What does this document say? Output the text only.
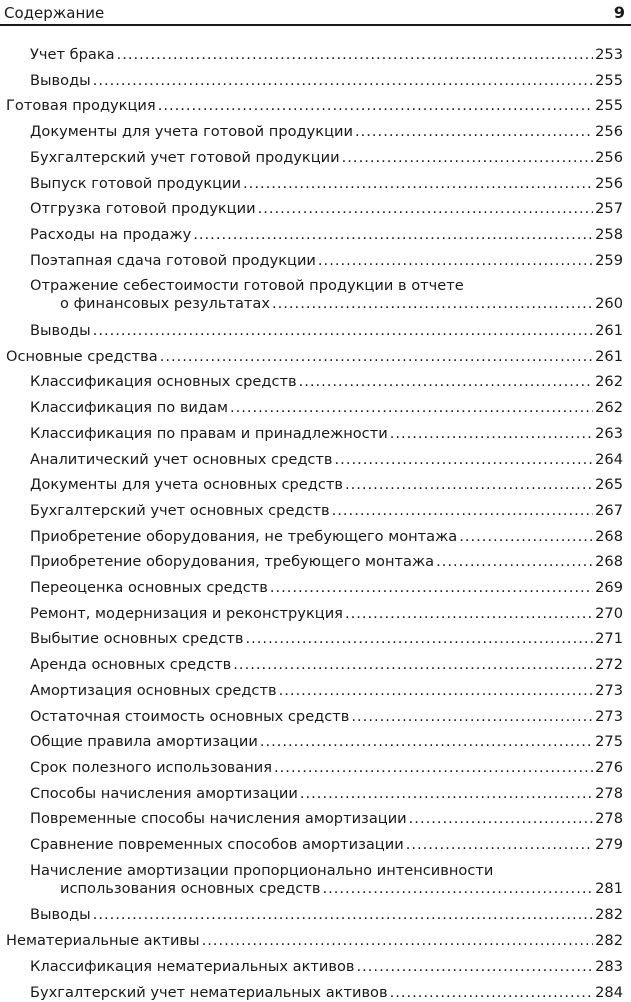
Содержание	9
Учет брака .....	253
Выводы .....	255
Готовая продукция .....	255
Документы для учета готовой продукции .....	256
Бухгалтерский учет готовой продукции .....	256
Выпуск готовой продукции .....	256
Отгрузка готовой продукции .....	257
Расходы на продажу .....	258
Поэтапная сдача готовой продукции .....	259
Отражение себестоимости готовой продукции в отчете
о финансовых результатах .....	260
Выводы .....	261
Основные средства .....	261
Классификация основных средств .....	262
Классификация по видам .....	262
Классификация по правам и принадлежности .....	263
Аналитический учет основных средств .....	264
Документы для учета основных средств .....	265
Бухгалтерский учет основных средств .....	267
Приобретение оборудования, не требующего монтажа .....	268
Приобретение оборудования, требующего монтажа .....	268
Переоценка основных средств .....	269
Ремонт, модернизация и реконструкция .....	270
Выбытие основных средств .....	271
Аренда основных средств .....	272
Амортизация основных средств .....	273
Остаточная стоимость основных средств .....	273
Общие правила амортизации .....	275
Срок полезного использования .....	276
Способы начисления амортизации .....	278
Повременные способы начисления амортизации .....	278
Сравнение повременных способов амортизации .....	279
Начисление амортизации пропорционально интенсивности
использования основных средств .....	281
Выводы .....	282
Нематериальные активы .....	282
Классификация нематериальных активов .....	283
Бухгалтерский учет нематериальных активов .....	284
